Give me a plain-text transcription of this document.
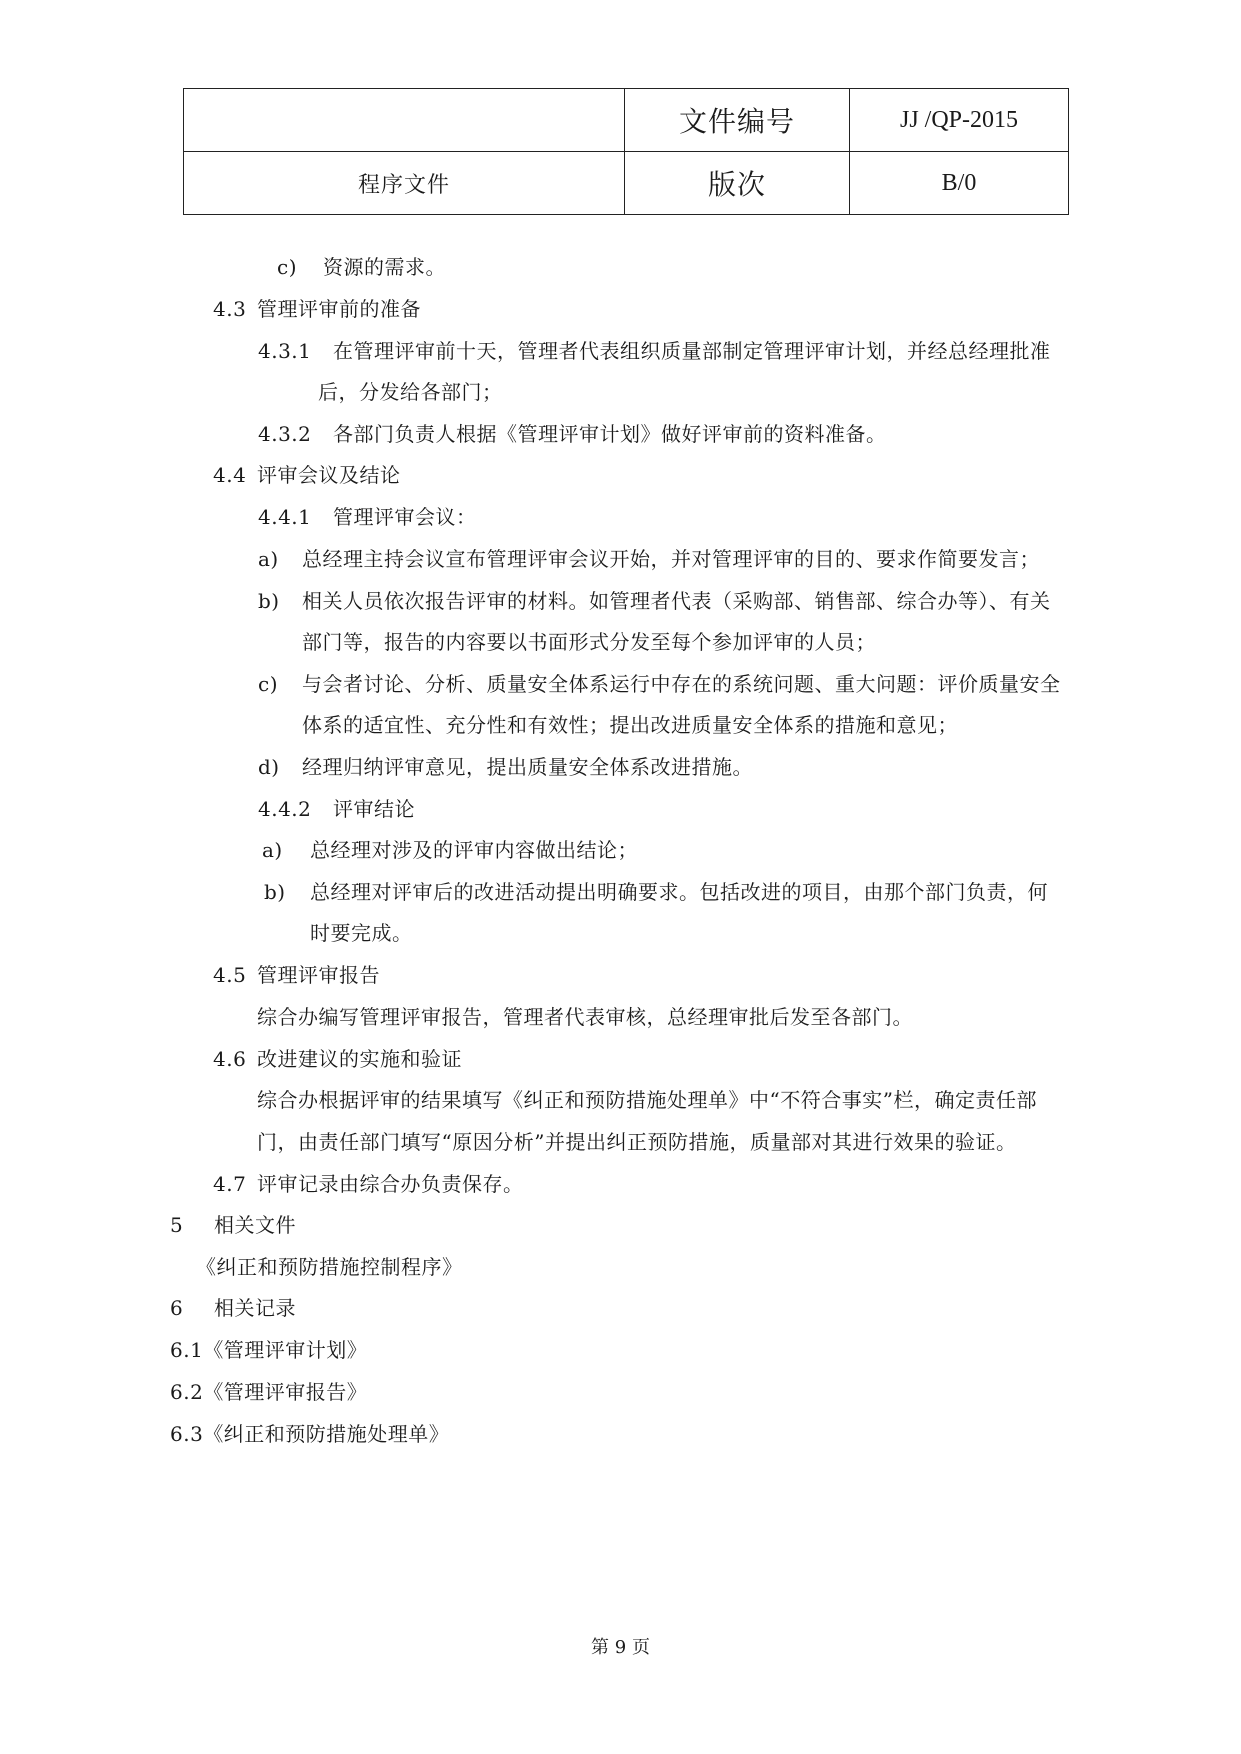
	文件编号	JJ /QP-2015
程序文件	版次	B/0
c) 资源的需求。
4.3 管理评审前的准备
4.3.1 在管理评审前十天，管理者代表组织质量部制定管理评审计划，并经总经理批准
后，分发给各部门；
4.3.2 各部门负责人根据《管理评审计划》做好评审前的资料准备。
4.4 评审会议及结论
4.4.1 管理评审会议：
a) 总经理主持会议宣布管理评审会议开始，并对管理评审的目的、要求作简要发言；
b) 相关人员依次报告评审的材料。如管理者代表（采购部、销售部、综合办等）、有关
部门等，报告的内容要以书面形式分发至每个参加评审的人员；
c) 与会者讨论、分析、质量安全体系运行中存在的系统问题、重大问题：评价质量安全
体系的适宜性、充分性和有效性；提出改进质量安全体系的措施和意见；
d) 经理归纳评审意见，提出质量安全体系改进措施。
4.4.2 评审结论
a) 总经理对涉及的评审内容做出结论；
b) 总经理对评审后的改进活动提出明确要求。包括改进的项目，由那个部门负责，何
时要完成。
4.5 管理评审报告
综合办编写管理评审报告，管理者代表审核，总经理审批后发至各部门。
4.6 改进建议的实施和验证
综合办根据评审的结果填写《纠正和预防措施处理单》中“不符合事实”栏，确定责任部
门，由责任部门填写“原因分析”并提出纠正预防措施，质量部对其进行效果的验证。
4.7 评审记录由综合办负责保存。
5 相关文件
《纠正和预防措施控制程序》
6 相关记录
6.1《管理评审计划》
6.2《管理评审报告》
6.3《纠正和预防措施处理单》
第 9 页
